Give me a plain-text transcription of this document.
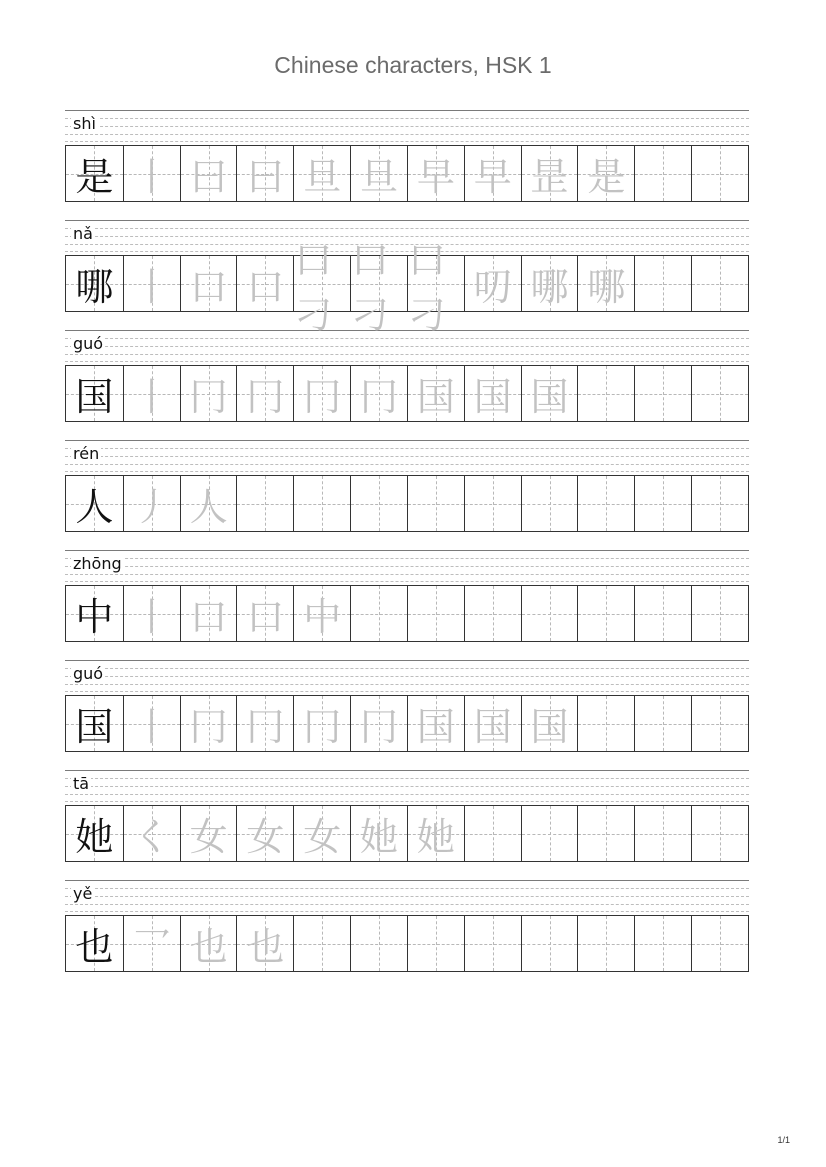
Chinese characters, HSK 1
shì
是 丨 曰 曰 旦 旦 早 早 昰 是
nǎ
哪 丨 口 口
口刁
口刁
口刁
叨 哪 哪
guó
国 丨 冂 冂 冂 冂 国 国 国
rén
人 丿 人
zhōng
中 丨 口 口 中
guó
国 丨 冂 冂 冂 冂 国 国 国
tā
她 く 女 女 女 她 她
yě
也 乛 也 也
1/1
